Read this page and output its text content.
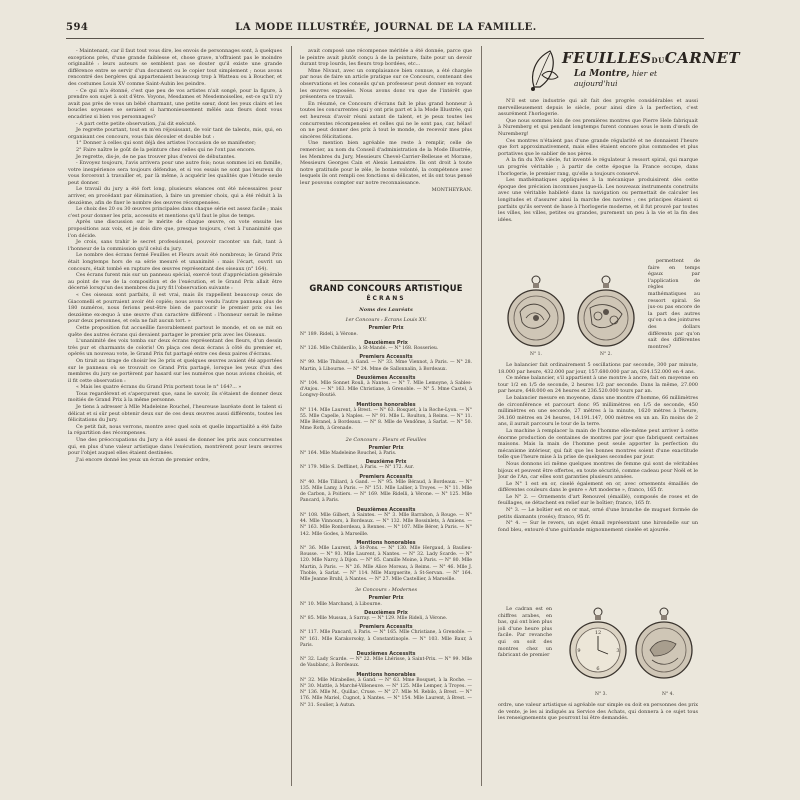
594	LA MODE ILLUSTRÉE, JOURNAL DE LA FAMILLE.

- Maintenant, car il faut tout vous dire, les envois de personnages sont, à quelques exceptions près, d'une grande faiblesse et, chose grave, n'offraient pas le moindre originalité : leurs auteurs se semblent pas se douter qu'il existe une grande différence entre se servir d'un document ou le copier tout simplement ; nous avons rencontré des bergères qui appartenaient beaucoup trop à Watteau ou à Boucher, et des costumes Louis XV comme Saint-Aubin les peindre.

- Ce qui m'a étonné, c'est que peu de vos artistes n'ait songé, pour la figure, à prendre son sujet à soit d'être. Voyons, Mesdames et Mesdemoiselles, est-ce qu'il n'y avait pas près de vous un bébé charmant, une petite sœur, dont les yeux clairs et les boucles soyeuses se seraient si harmonieusement mêlés aux fleurs dont vous encadriez si bien vos personnages?

- A part cette petite observation, j'ai dit exécuté.

Je regrette pourtant, tout en m'en réjouissant, de voir tant de talents, mis, qui, en organisant ces concours, vous fais découler et double but :

1° Donner à celles qui sont déjà des artistes l'occasion de se manifester;

2° Faire naître le goût de la peinture chez celles qui ne l'ont pas encore.

Je regrette, dis-je, de ne pas trouver plus d'envoi de débutantes.

- Envoyez toujours, l'avis arrivera pour une autre fois; nous sommes ici en famille, votre inexpérience sera toujours défendue, et si vos essais ne sont pas heureux du vous forceront à travailler et, par là même, à acquérir les qualités que l'étude seule peut donner.

Le travail du jury a été fort long, plusieurs séances ont été nécessaires pour arriver, en procédant par élimination, à faire un premier choix, qui a été réduit à la deuxième, afin de fixer le nombre des œuvres récompensées.

Le choix des 20 ou 30 œuvres principales dans chaque série est assez facile ; mais c'est pour donner les prix, accessits et mentions qu'il faut le plus de temps.

Après une discussion sur le mérite de chaque œuvre, on vote ensuite les propositions aux voix, et je dois dire que, presque toujours, c'est à l'unanimité que l'on décide.

Je crois, sans trahir le secret professionnel, pouvoir raconter un fait, tant à l'honneur de la commission qu'il celui du jury.

Le nombre des écrans fermé Feuilles et Fleurs avait été nombreux; le Grand Prix était longtemps hors de sa série mesuré et unanimité : mais l'écart, ouvrit un concours, était tombé en rupture des œuvres représentant des oiseaux (n° 164).

Ces écrans furent mis sur un panneau spécial, exercé tout d'appréciation générale au point de vue de la composition et de l'exécution, et le Grand Prix allait être décerné lorsqu'un des membres du jury fit l'observation suivante :

« Ces oiseaux sont parfaits, il est vrai, mais ils rappellent beaucoup ceux de Giacomelli et pourraient avoir été copiés; nous avons vendu l'autre panneau plus de 180 numéros, nous ferions peut-être bien de parcourir le premier prix ou les deuxième ex-æquo à une œuvre d'un caractère différent : l'honneur serait le même pour deux personnes, et cela ne fait aucun tort. »

Cette proposition fut accueillie favorablement partout le monde, et on se mit en quête des autres écrans qui devaient partager le premier prix avec les Oiseaux.

L'unanimité des voix tomba sur deux écrans représentant des fleurs, d'un dessin très pur et charmants de coloris! On plaça ces deux écrans à côté du premier et, opérés un nouveau vote, le Grand Prix fut partagé entre ces deux paires d'écrans.

On tirait au tirage de choisir les 3e prix et quelques œuvres avaient été apportées sur le panneau où se trouvait ce Grand Prix partagé, lorsque les yeux d'un des membres du jury se portèrent par hasard sur les numéros que nous avions choisis, et il fit cette observation :

« Mais les quatre écrans du Grand Prix portent tous le n° 164?... »

Tous regardèrent et s'aperçurent que, sans le savoir, ils s'étaient de donner deux moitiés de Grand Prix à la même personne.

Je tiens à adresser à Mlle Madeleine Rouchel, l'heureuse lauréate dont le talent si délicat et si sûr peut obtenir deux sur de ces deux œuvres aussi différents, toutes les félicitations du Jury.

Ce petit fait, nous verrons, montre avec quel soin et quelle impartialité a été faite la répartition des récompenses.

Une des préoccupations du Jury a été aussi de donner les prix aux concurrentes qui, en plus d'une valeur artistique dans l'exécution, montrèrent pour leurs œuvres pour l'objet auquel elles étaient destinées.

J'ai encore donné les yeux un écran de premier ordre,

avait composé une récompense méritée a été donnée, parce que le peintre avait plutôt conçu à de la peinture, faite pour un devoir durant trop lourds, les fleurs trop bordées, etc...

Mme Nivaut, avec un complaisance bien connue, a été chargée par nous de faire un article pratique sur ce Concours, contenant des observations et les conseils qu'un professeur peut donner en voyant les œuvres exposées. Nous avons donc vu que de l'intérêt que présentera ce travail.

En résumé, ce Concours d'écrans fait le plus grand honneur à toutes les concurrentes qui y ont pris part et à la Mode Illustrée, qui est heureux d'avoir réuni autant de talent, et je peux toutes les concurrentes récompensées et celles qui ne le sont pas, car, hélas! on ne peut donner des prix à tout le monde, de recevoir mes plus sincères félicitations.

Une mention bien agréable me reste à remplir, celle de remercier, au nom du Conseil d'administration de la Mode Illustrée, les Membres du Jury, Messieurs Chevel-Carrier-Belleuse et Morane, Messieurs Georges Cain et Alexis Lemaistre. Ils ont droit à toute notre gratitude pour le zèle, le bonne volonté, la compétence avec lesquels ils ont rempli ces fonctions si délicates, et ils ont tous pensé leur pouvons compter sur notre reconnaissance.

MONTHEYRAN.

GRAND CONCOURS ARTISTIQUE
ÉCRANS
Noms des Lauréats
1er Concours : Écrans Louis XV.
Premier Prix
N° 189. Rideli, à Vérone.
Deuxièmes Prix
N° 126. Mlle Childerillo, à St-Mandé. — N° 168. Rosserieu.
Premiers Accessits
N° 99. Mlle Thibaut, à Gand. — N° 33. Mme Viennot, à Paris. — N° 28. Martin, à Libourne. — N° 24. Mme de Sallonnalin, à Bordeaux.
Deuxièmes Accessits
N° 104. Mlle Sonnet Rouli, à Nantes. — N° 7. Mlle Lemoyne, à Sables-d'Anjou. — N° 163. Mlle Christiane, à Grenoble. — N° 5. Mme Castel, à Longwy-Boutié.
Mentions honorables
N° 114. Mlle Laurent, à Brest. — N° 63. Bosquet, à la Roche-Lyon. — N° 55. Mlle Capelle, à Naples. — N° 91. Mlle L. Roulton, à Reims. — N° 11. Mlle Béranel, à Bordeaux. — N° 8. Mlle de Vendôme, à Sarlat. — N° 50. Mme Roth, à Grenade.
2e Concours : Fleurs et Feuilles
Premier Prix
N° 164. Mlle Madeleine Rouchel, à Paris.
Deuxième Prix
N° 179. Mlle S. Defflinet, à Paris. — N° 172. Aur.
Premiers Accessits
N° 40. Mlle Tilliard, à Gand. — N° 95. Mlle Béraud, à Bordeaux. — N° 135. Mlle Lamy, à Paris. — N° 151. Mlle Lallier, à Troyes. — N° 11. Mlle de Carbon, à Poitiers. — N° 169. Mlle Ridelli, à Vérone. — N° 125. Mlle Pancard, à Paris.
Deuxièmes Accessits
N° 108. Mlle Gilbert, à Saintes. — N° 3. Mlle Barrabon, à Rouge. — N° 44. Mlle Vinnours, à Bordeaux. — N° 132. Mlle Bossinlets, à Amiens. — N° 163. Mlle Ronbordeau, à Rennes. — N° 107. Mlle Bérer, à Paris. — N° 142. Mlle Godes, à Marseille.
Mentions honorables
N° 36. Mlle Laurent, à St-Pons. — N° 130. Mlle Hergaud, à Baulieu-Rousse. — N° 93. Mlle Laurent, à Nantes. — N° 32. Lady Scarde. — N° 120. Mlle Narcy, à Dijon. — N° 85. Camille Moine, à Paris. — N° 80. Mlle Martin, à Paris. — N° 26. Mlle Alice Moreau, à Reims. — N° 46. Mlle J. Thoble, à Sarlat. — N° 114. Mlle Marguerite, à St-Servan. — N° 164. Mlle Jeanne Bruhl, à Nantes. — N° 27. Mlle Castellier, à Marseille.
3e Concours : Modernes
Premier Prix
N° 10. Mlle Marchand, à Libourne.
Deuxièmes Prix
N° 85. Mlle Mussau, à Sarray. — N° 129. Mlle Rideli, à Vérone.
Premiers Accessits
N° 117. Mlle Pancard, à Paris. — N° 165. Mlle Christiane, à Grenoble. — N° 161. Mlle Karakorsoky, à Constantinople. — N° 103. Mlle Baur, à Paris.
Deuxièmes Accessits
N° 32. Lady Scarde. — N° 22. Mlle Lhérisse, à Saint-Prix. — N° 99. Mlle de Vaublanc, à Bordeaux.
Mentions honorables
N° 32. Mlle Mirabelles, à Gand. — N° 63. Mme Bosquet, à la Roche. — N° 30. Mattle, à Marché-Villeneuve. — N° 125. Mlle Lemper, à Troyes. — N° 136. Mlle M., Quillac, Cruse. — N° 27. Mlle M. Rebilo, à Brest. — N° 176. Mlle Mariel, Cugnot, à Nantes. — N° 154. Mlle Laurent, à Brest. — N° 31. Soulier, à Autun.
FEUILLESDUCARNET
La Montre, hier et aujourd'hui

N'il est une industrie qui ait fait des progrès considérables et aussi merveilleusement depuis le siècle, pour ainsi dire à la perfection, c'est assurément l'horlogerie.

Que nous sommes loin de ces premières montres que Pierre Hele fabriquait à Nuremberg et qui pendant longtemps furent connues sous le nom d'œufs de Nuremberg!

Ces montres n'étaient pas d'une grande régularité et ne donnaient l'heure que fort approximativement, mais elles étaient encore plus commodes et plus portatives que le sablier de nos pères.

A la fin du XVe siècle, fut inventé le régulateur à ressort spiral, qui marque un progrès véritable ; à partir de cette époque la France occupe, dans l'horlogerie, le premier rang, qu'elle a toujours conservé.

Les mathématiques appliquées à la mécanique produisirent dès cette époque des précision inconnues jusque-là. Les nouveaux instruments construits avec une véritable habileté dans la navigation ou permettait de calculer les longitudes et d'assurer ainsi la marche des navires ; ces principes étaient si parfaits qu'ils servent de base à l'horlogerie moderne, et il fut prouvé par toutes les villes, les villes, petites ou grandes, purement un peu à la vie et la fin des idées.

N° 1.	N° 2.

permettent de faire en temps égaux par l'application de règles mathématiques au ressort spiral. Se jus-ou pas encore de la part des autres qu'on a des jointures des dollars différents par qu'on sait des différentes montres?

Le balancier fait ordinairement 5 oscillations par seconde, 300 par minute, 18.000 par heure, 432.000 par jour, 157.680.000 par an, 624.152.000 en 4 ans.

Ce même balancier, s'il appartient à une montre à ancre, fait en moyenne en tour 1/2 en 1/5 de seconde, 2 heures 1/2 par seconde. Dans la même, 27.000 par heure, 648.000 en 24 heures et 236.520.000 tours par an.

Le balancier mesure en moyenne, dans une montre d'homme, 66 millimètres de circonférence et parcourt donc 95 millimètres en 1/5 de seconde, 450 millimètres en une seconde, 27 mètres à la minute, 1620 mètres à l'heure, 34.160 mètres en 24 heures, 14.191.147, 000 mètres en un an. En moins de 2 ans, il aurait parcouru le tour de la terre.

La machine à remplacer la main de l'homme elle-même peut arriver à cette énorme production de centaines de montres par jour que fabriquent certaines maisons. Mais la main de l'homme peut seule apporter la perfection du mécanisme intérieur, qui fait que les bonnes montres soient d'une exactitude telle que l'heure mise à la prise de quelques secondes par jour.

Nous donnons ici même quelques montres de femme qui sont de véritables bijoux et peuvent être offertes, en toute sécurité, comme cadeau pour Noël et le Jour de l'An, car elles sont garanties plusieurs années.

Le N° 1 est en or, ciselé également en or, avec ornements émaillés de différentes couleurs dans le genre « Art moderne », franco, 165 fr.

Le N° 2. — Ornements d'art Renouvel (émaillé), composés de roses et de feuillages, se détachent en relief sur le boîtier; franco, 165 fr.

N° 3. — Le boîtier est en or mat, orné d'une branche de muguet formée de petits diamants (rosés); franco, 95 fr.

N° 4. — Sur le revers, un sujet émail représentant une hirondelle sur un fond bleu, entouré d'une guirlande mignonnement ciselée et ajourée.

Le cadran est en chiffres arabes, en bas, qui ont bien plus joli d'une heure plus facile. Par revanche qui on soit des montres chez un fabricant de premier

12
3
6
9
N° 3.	N° 4.

ordre, une valeur artistique si agréable sur simple ou doit en personnes des prix de vente, je les ai indiqués au Service des Achats, qui donnera à ce sujet tous les renseignements que pourront lui être demandés.
